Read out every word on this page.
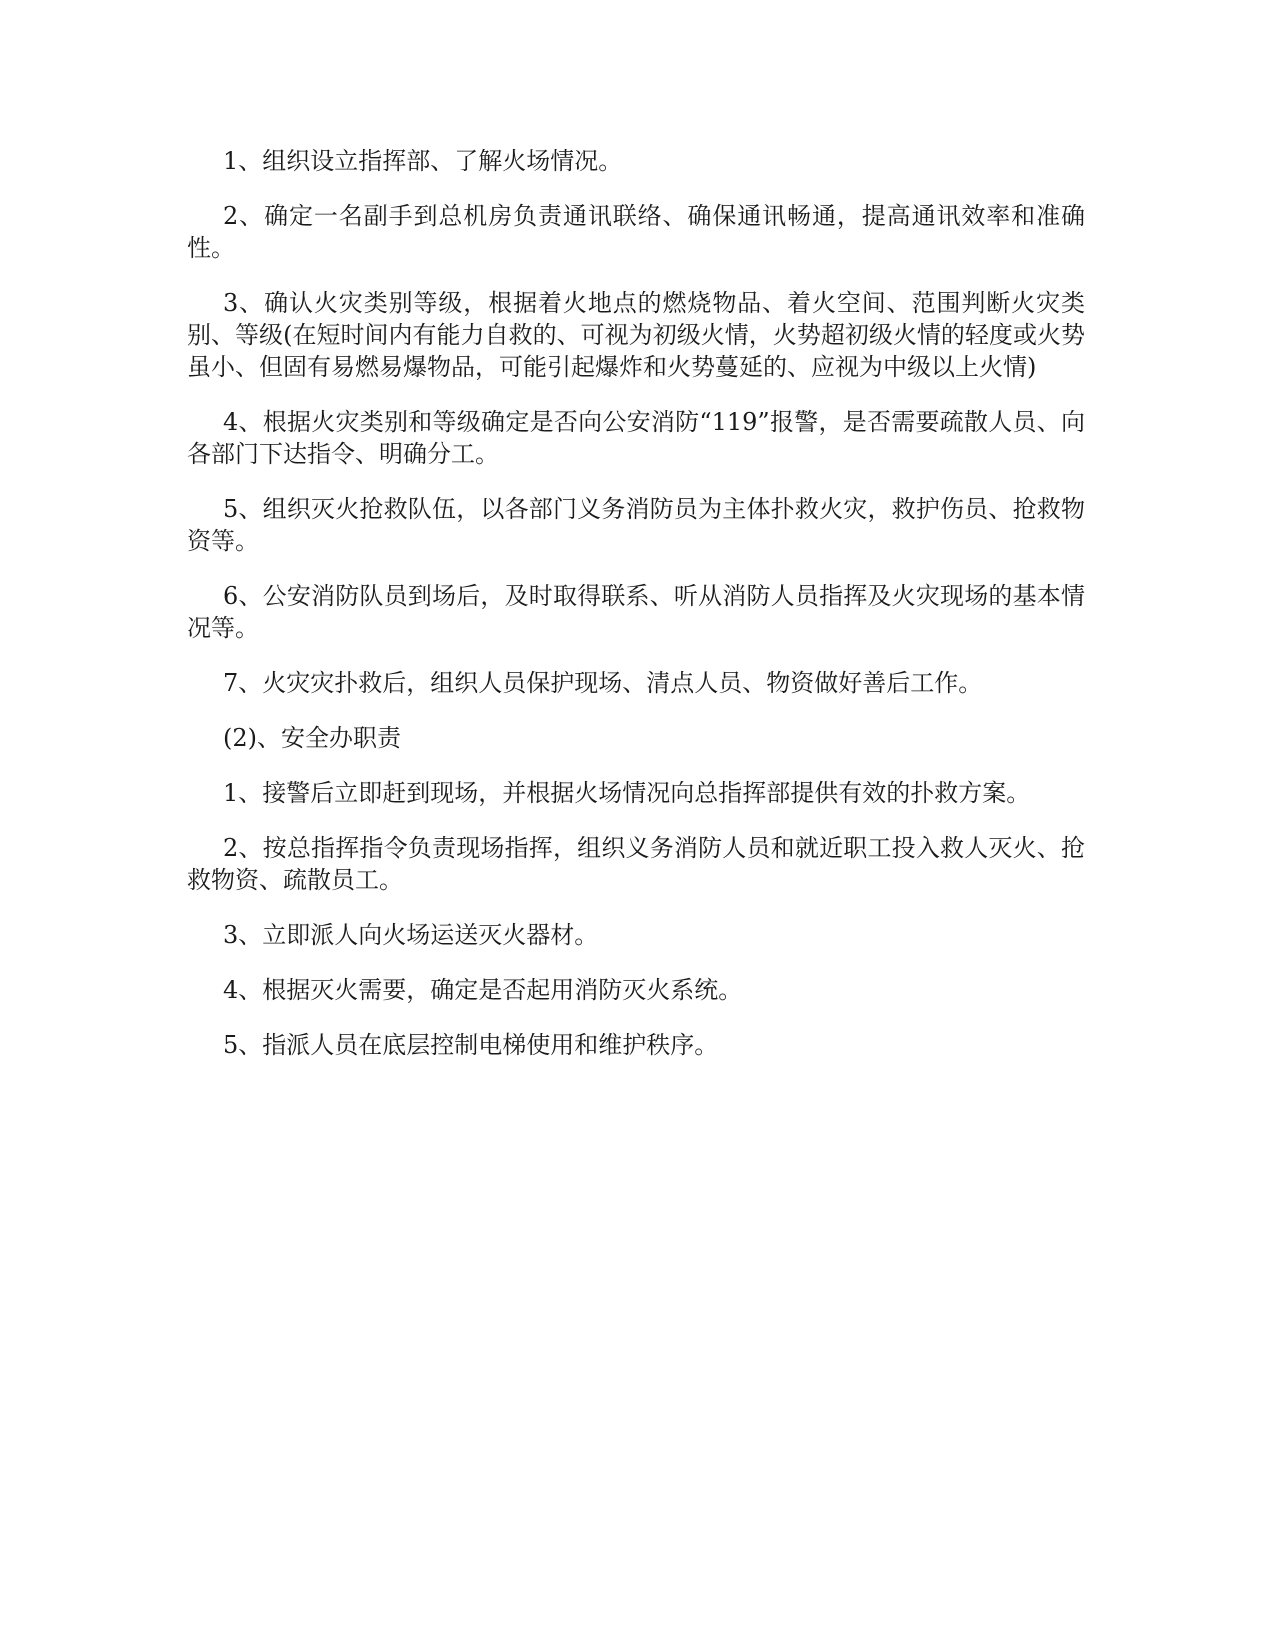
1、组织设立指挥部、了解火场情况。

2、确定一名副手到总机房负责通讯联络、确保通讯畅通，提高通讯效率和准确性。

3、确认火灾类别等级，根据着火地点的燃烧物品、着火空间、范围判断火灾类别、等级(在短时间内有能力自救的、可视为初级火情，火势超初级火情的轻度或火势虽小、但固有易燃易爆物品，可能引起爆炸和火势蔓延的、应视为中级以上火情)

4、根据火灾类别和等级确定是否向公安消防“119”报警，是否需要疏散人员、向各部门下达指令、明确分工。

5、组织灭火抢救队伍，以各部门义务消防员为主体扑救火灾，救护伤员、抢救物资等。

6、公安消防队员到场后，及时取得联系、听从消防人员指挥及火灾现场的基本情况等。

7、火灾灾扑救后，组织人员保护现场、清点人员、物资做好善后工作。

(2)、安全办职责

1、接警后立即赶到现场，并根据火场情况向总指挥部提供有效的扑救方案。

2、按总指挥指令负责现场指挥，组织义务消防人员和就近职工投入救人灭火、抢救物资、疏散员工。

3、立即派人向火场运送灭火器材。

4、根据灭火需要，确定是否起用消防灭火系统。

5、指派人员在底层控制电梯使用和维护秩序。
